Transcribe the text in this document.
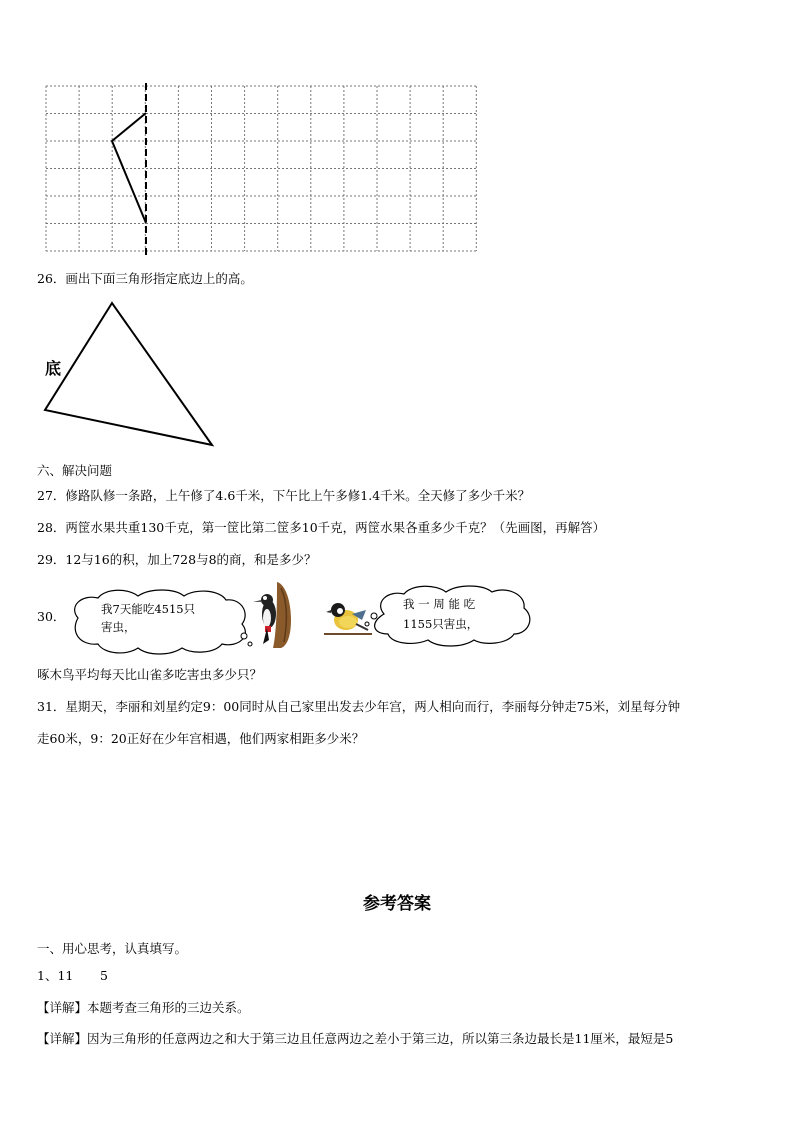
26．画出下面三角形指定底边上的高。
底
六、解决问题
27．修路队修一条路，上午修了4.6千米，下午比上午多修1.4千米。全天修了多少千米？
28．两筐水果共重130千克，第一筐比第二筐多10千克，两筐水果各重多少千克？（先画图，再解答）
29．12与16的积，加上728与8的商，和是多少？
30．	我7天能吃4515只
害虫，
我 一 周 能 吃
1155只害虫，
啄木鸟平均每天比山雀多吃害虫多少只？
31．星期天，李丽和刘星约定9：00同时从自己家里出发去少年宫，两人相向而行，李丽每分钟走75米，刘星每分钟
走60米，9：20正好在少年宫相遇，他们两家相距多少米？
参考答案
一、用心思考，认真填写。
1、11 5
【详解】本题考查三角形的三边关系。
【详解】因为三角形的任意两边之和大于第三边且任意两边之差小于第三边，所以第三条边最长是11厘米，最短是5
